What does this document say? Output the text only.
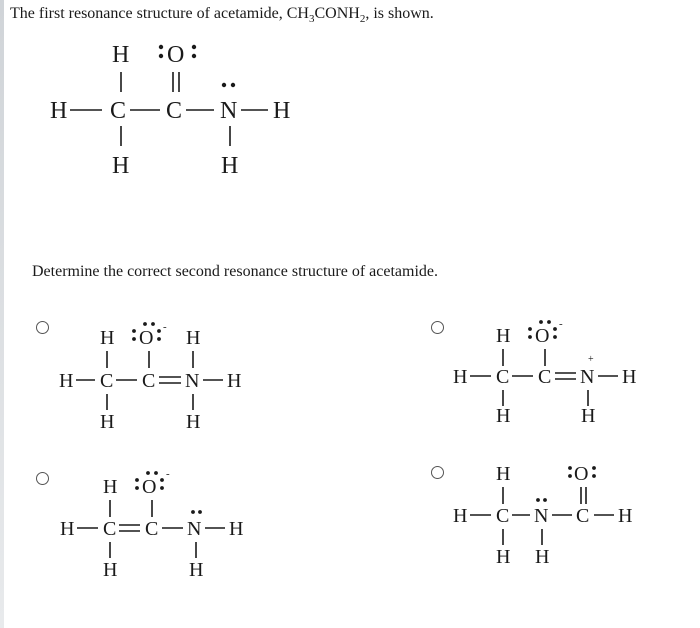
The first resonance structure of acetamide, $CH_3CONH_2$, is shown.
H O
H C C N H
H	H
Determine the correct second resonance structure of acetamide.
H O - H
H C C N H
H	H
H O
-
H C C
+
N H
H	H
H O
-
H C C N H
H	H
H	O
H C N C H
H H
